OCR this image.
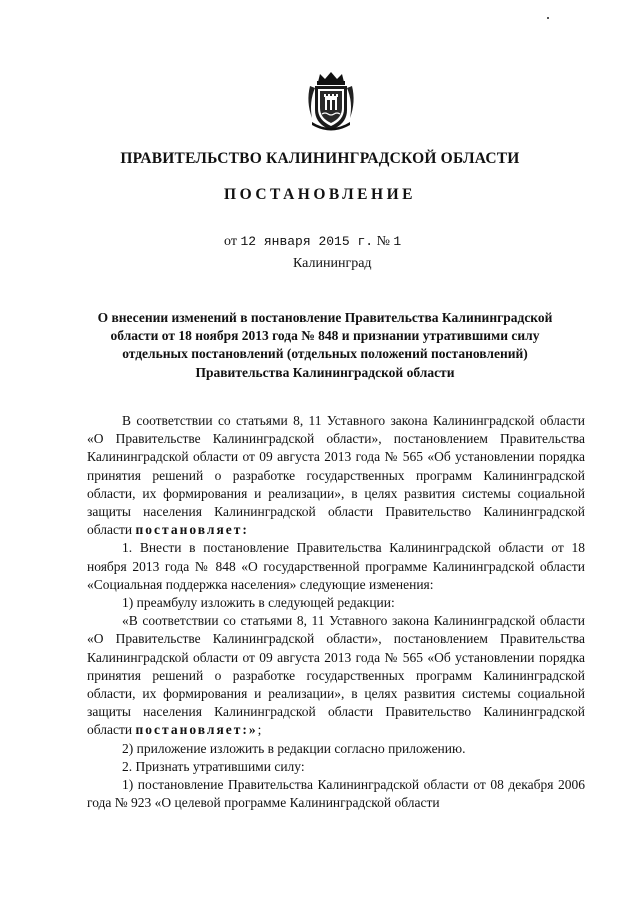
ПРАВИТЕЛЬСТВО КАЛИНИНГРАДСКОЙ ОБЛАСТИ
ПОСТАНОВЛЕНИЕ
от 12 января 2015 г. № 1
Калининград
О внесении изменений в постановление Правительства Калининградской области от 18 ноября 2013 года № 848 и признании утратившими силу отдельных постановлений (отдельных положений постановлений) Правительства Калининградской области

В соответствии со статьями 8, 11 Уставного закона Калининградской области «О Правительстве Калининградской области», постановлением Правительства Калининградской области от 09 августа 2013 года № 565 «Об установлении порядка принятия решений о разработке государственных программ Калининградской области, их формирования и реализации», в целях развития системы социальной защиты населения Калининградской области Правительство Калининградской области постановляет:

1. Внести в постановление Правительства Калининградской области от 18 ноября 2013 года № 848 «О государственной программе Калининградской области «Социальная поддержка населения» следующие изменения:

1) преамбулу изложить в следующей редакции:

«В соответствии со статьями 8, 11 Уставного закона Калининградской области «О Правительстве Калининградской области», постановлением Правительства Калининградской области от 09 августа 2013 года № 565 «Об установлении порядка принятия решений о разработке государственных программ Калининградской области, их формирования и реализации», в целях развития системы социальной защиты населения Калининградской области Правительство Калининградской области постановляет:»;

2) приложение изложить в редакции согласно приложению.

2. Признать утратившими силу:

1) постановление Правительства Калининградской области от 08 декабря 2006 года № 923 «О целевой программе Калининградской области
